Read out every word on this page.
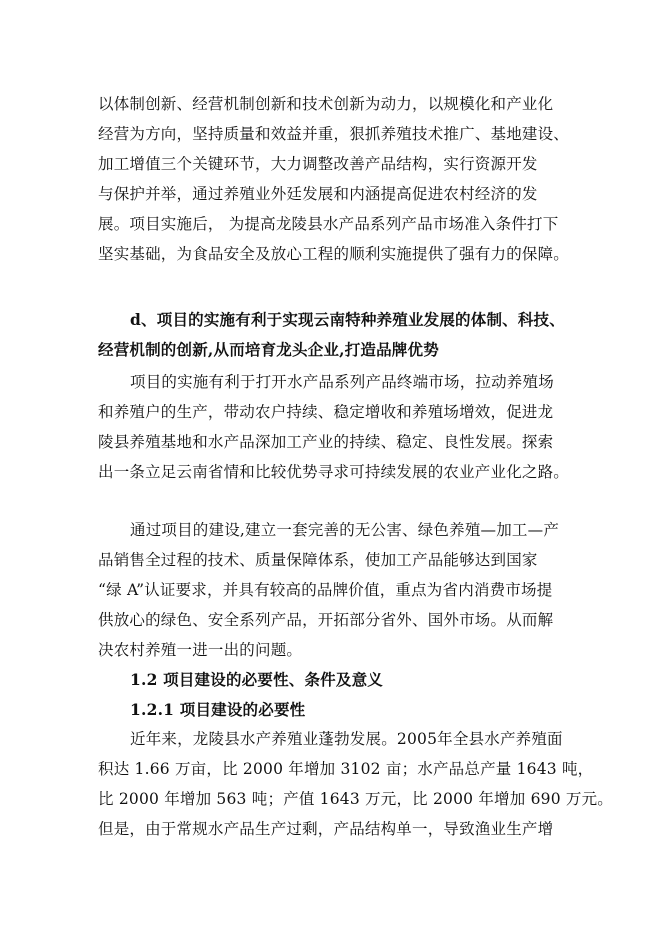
以体制创新、经营机制创新和技术创新为动力，以规模化和产业化
经营为方向，坚持质量和效益并重，狠抓养殖技术推广、基地建设、
加工增值三个关键环节，大力调整改善产品结构，实行资源开发
与保护并举，通过养殖业外廷发展和内涵提高促进农村经济的发
展。项目实施后， 为提高龙陵县水产品系列产品市场准入条件打下
坚实基础，为食品安全及放心工程的顺利实施提供了强有力的保障。
d、项目的实施有利于实现云南特种养殖业发展的体制、科技、
经营机制的创新,从而培育龙头企业,打造品牌优势
项目的实施有利于打开水产品系列产品终端市场，拉动养殖场
和养殖户的生产，带动农户持续、稳定增收和养殖场增效，促进龙
陵县养殖基地和水产品深加工产业的持续、稳定、良性发展。探索
出一条立足云南省情和比较优势寻求可持续发展的农业产业化之路。
通过项目的建设,建立一套完善的无公害、绿色养殖—加工—产
品销售全过程的技术、质量保障体系，使加工产品能够达到国家
“绿 A”认证要求，并具有较高的品牌价值，重点为省内消费市场提
供放心的绿色、安全系列产品，开拓部分省外、国外市场。从而解
决农村养殖一进一出的问题。
1.2 项目建设的必要性、条件及意义
1.2.1 项目建设的必要性
近年来，龙陵县水产养殖业蓬勃发展。2005年全县水产养殖面
积达 1.66 万亩，比 2000 年增加 3102 亩；水产品总产量 1643 吨，
比 2000 年增加 563 吨；产值 1643 万元，比 2000 年增加 690 万元。
但是，由于常规水产品生产过剩，产品结构单一，导致渔业生产增
